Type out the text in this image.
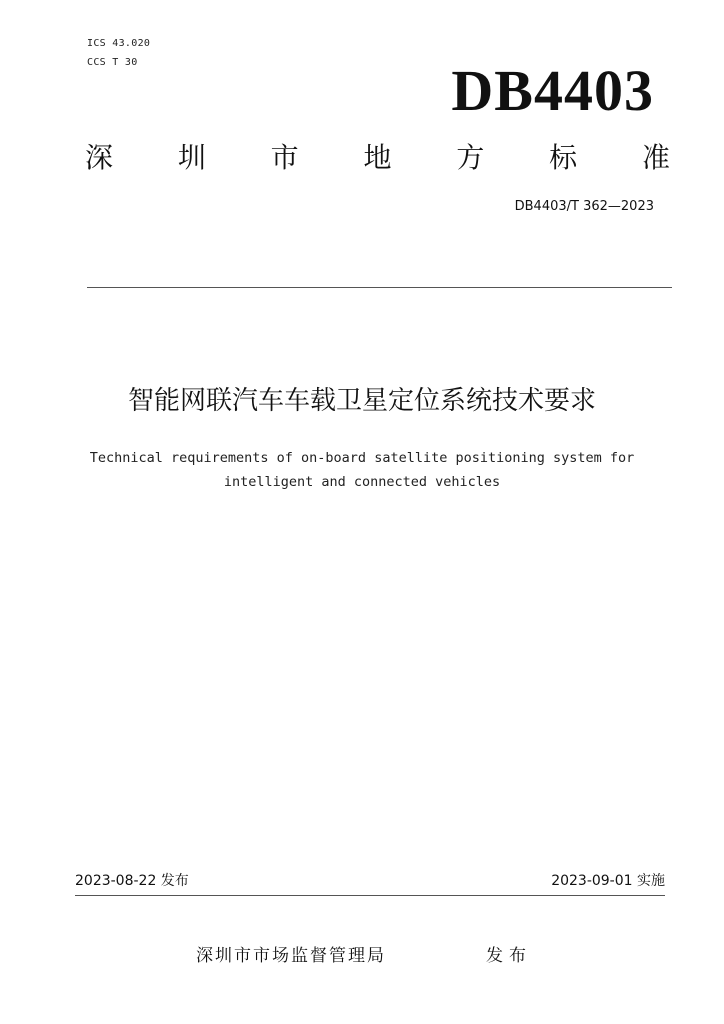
ICS 43.020
CCS T 30	DB4403
深 圳 市 地 方 标 准
DB4403/T 362—2023
智能网联汽车车载卫星定位系统技术要求
Technical requirements of on-board satellite positioning system for
intelligent and connected vehicles
2023-08-22 发布	2023-09-01 实施
深圳市市场监督管理局	发布
